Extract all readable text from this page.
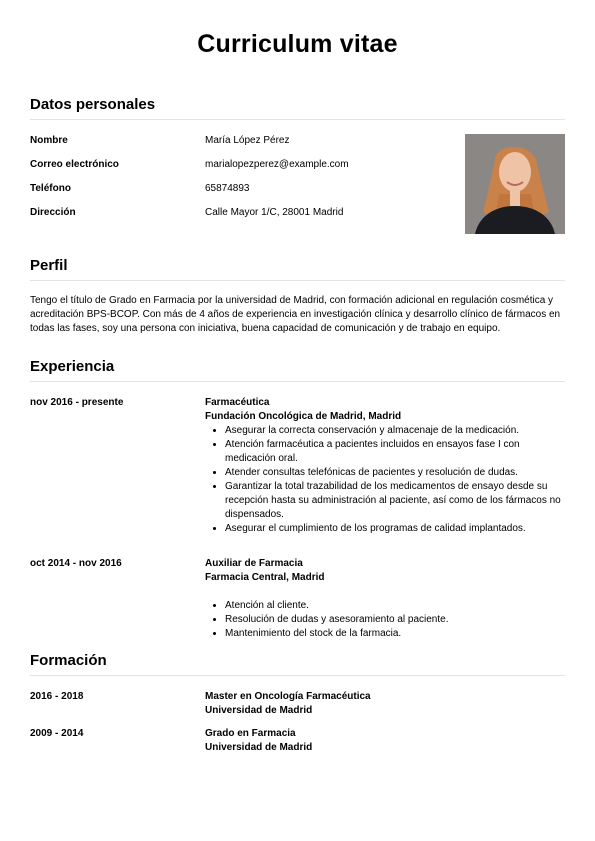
Curriculum vitae
Datos personales
Nombre	María López Pérez
Correo electrónico	marialopezperez@example.com
Teléfono	65874893
Dirección	Calle Mayor 1/C, 28001 Madrid
Perfil
Tengo el título de Grado en Farmacia por la universidad de Madrid, con formación adicional en regulación cosmética y acreditación BPS-BCOP. Con más de 4 años de experiencia en investigación clínica y desarrollo clínico de fármacos en todas las fases, soy una persona con iniciativa, buena capacidad de comunicación y de trabajo en equipo.
Experiencia
nov 2016 - presente	Farmacéutica
Fundación Oncológica de Madrid, Madrid
• Asegurar la correcta conservación y almacenaje de la medicación.
• Atención farmacéutica a pacientes incluidos en ensayos fase I con medicación oral.
• Atender consultas telefónicas de pacientes y resolución de dudas.
• Garantizar la total trazabilidad de los medicamentos de ensayo desde su recepción hasta su administración al paciente, así como de los fármacos no dispensados.
• Asegurar el cumplimiento de los programas de calidad implantados.
oct 2014 - nov 2016	Auxiliar de Farmacia
Farmacia Central, Madrid
• Atención al cliente.
• Resolución de dudas y asesoramiento al paciente.
• Mantenimiento del stock de la farmacia.
Formación
2016 - 2018	Master en Oncología Farmacéutica
Universidad de Madrid
2009 - 2014	Grado en Farmacia
Universidad de Madrid
